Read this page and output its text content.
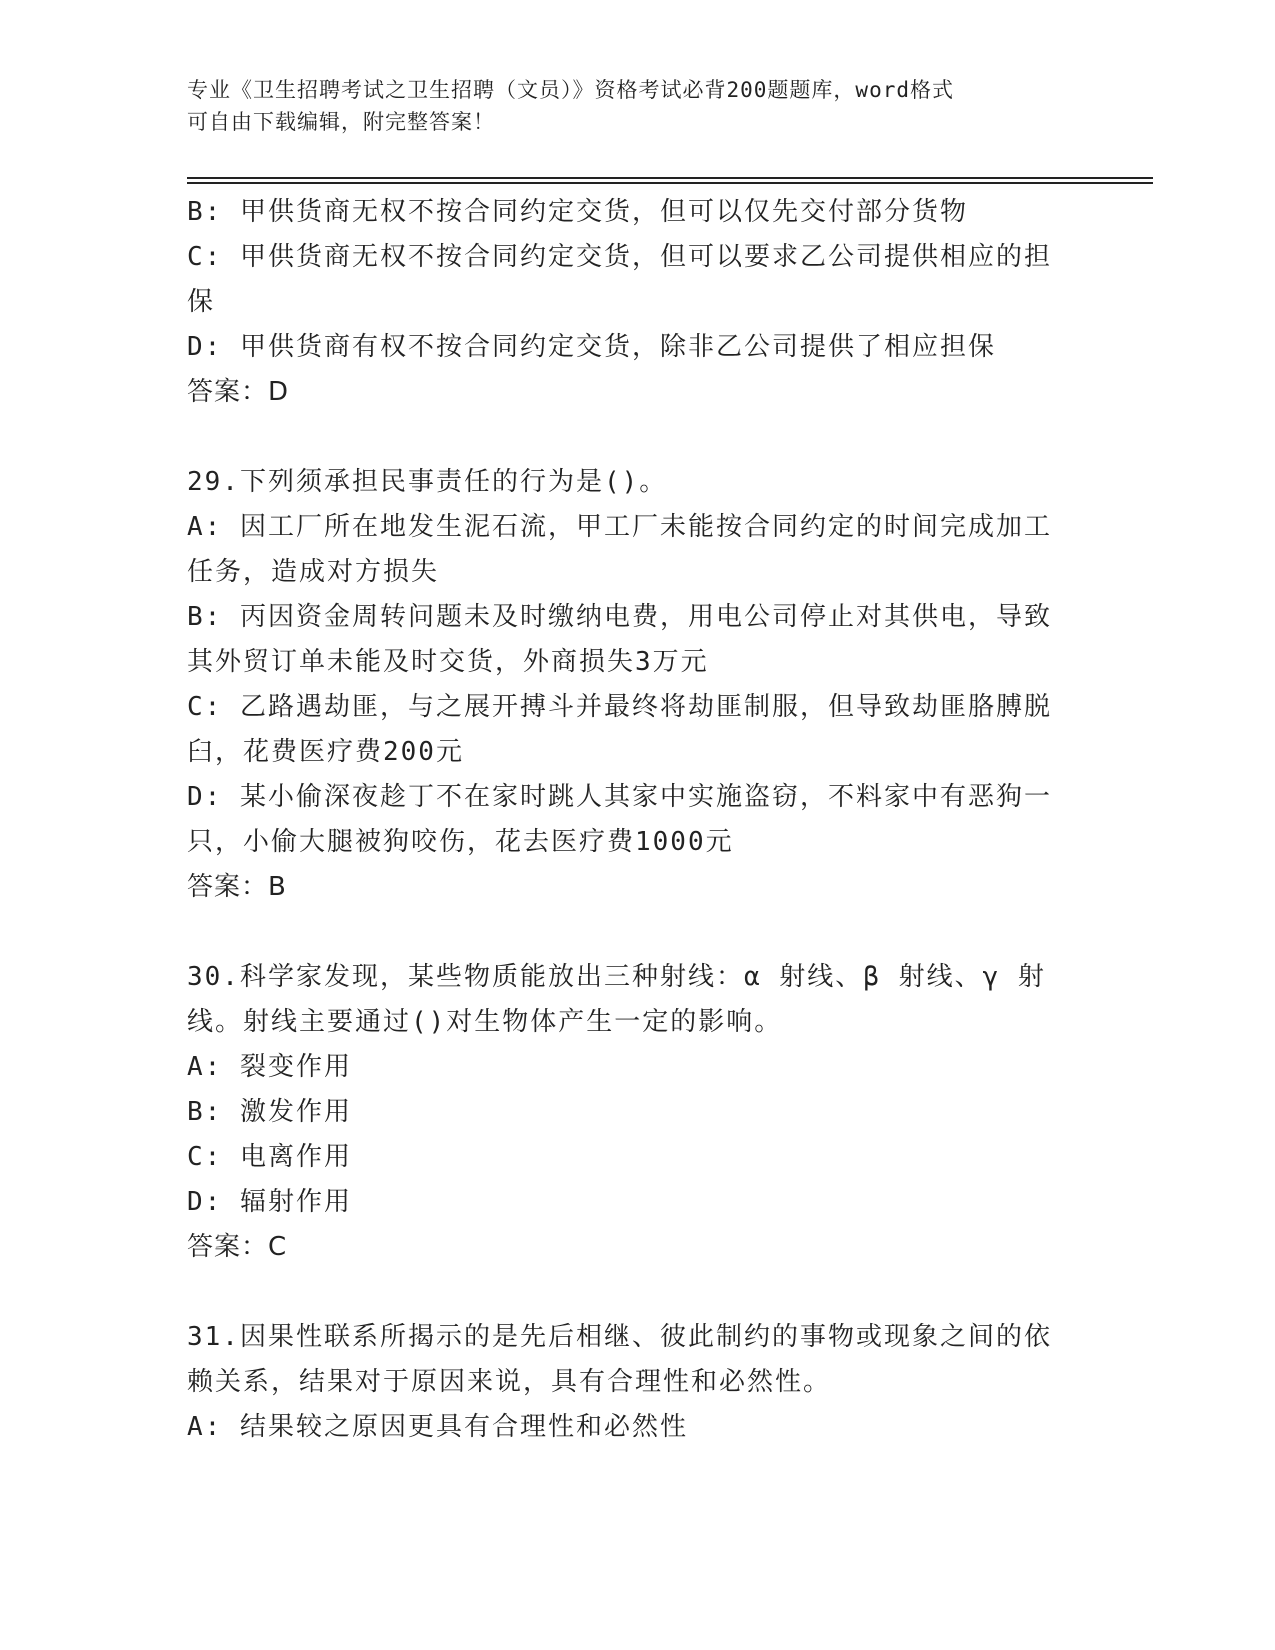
专业《卫生招聘考试之卫生招聘（文员）》资格考试必背200题题库，word格式
可自由下载编辑，附完整答案！
B: 甲供货商无权不按合同约定交货，但可以仅先交付部分货物
C: 甲供货商无权不按合同约定交货，但可以要求乙公司提供相应的担
保
D: 甲供货商有权不按合同约定交货，除非乙公司提供了相应担保
答案：D
29.下列须承担民事责任的行为是()。
A: 因工厂所在地发生泥石流，甲工厂未能按合同约定的时间完成加工
任务，造成对方损失
B: 丙因资金周转问题未及时缴纳电费，用电公司停止对其供电，导致
其外贸订单未能及时交货，外商损失3万元
C: 乙路遇劫匪，与之展开搏斗并最终将劫匪制服，但导致劫匪胳膊脱
臼，花费医疗费200元
D: 某小偷深夜趁丁不在家时跳人其家中实施盗窃，不料家中有恶狗一
只，小偷大腿被狗咬伤，花去医疗费1000元
答案：B
30.科学家发现，某些物质能放出三种射线：α 射线、β 射线、γ 射
线。射线主要通过()对生物体产生一定的影响。
A: 裂变作用
B: 激发作用
C: 电离作用
D: 辐射作用
答案：C
31.因果性联系所揭示的是先后相继、彼此制约的事物或现象之间的依
赖关系，结果对于原因来说，具有合理性和必然性。
A: 结果较之原因更具有合理性和必然性
